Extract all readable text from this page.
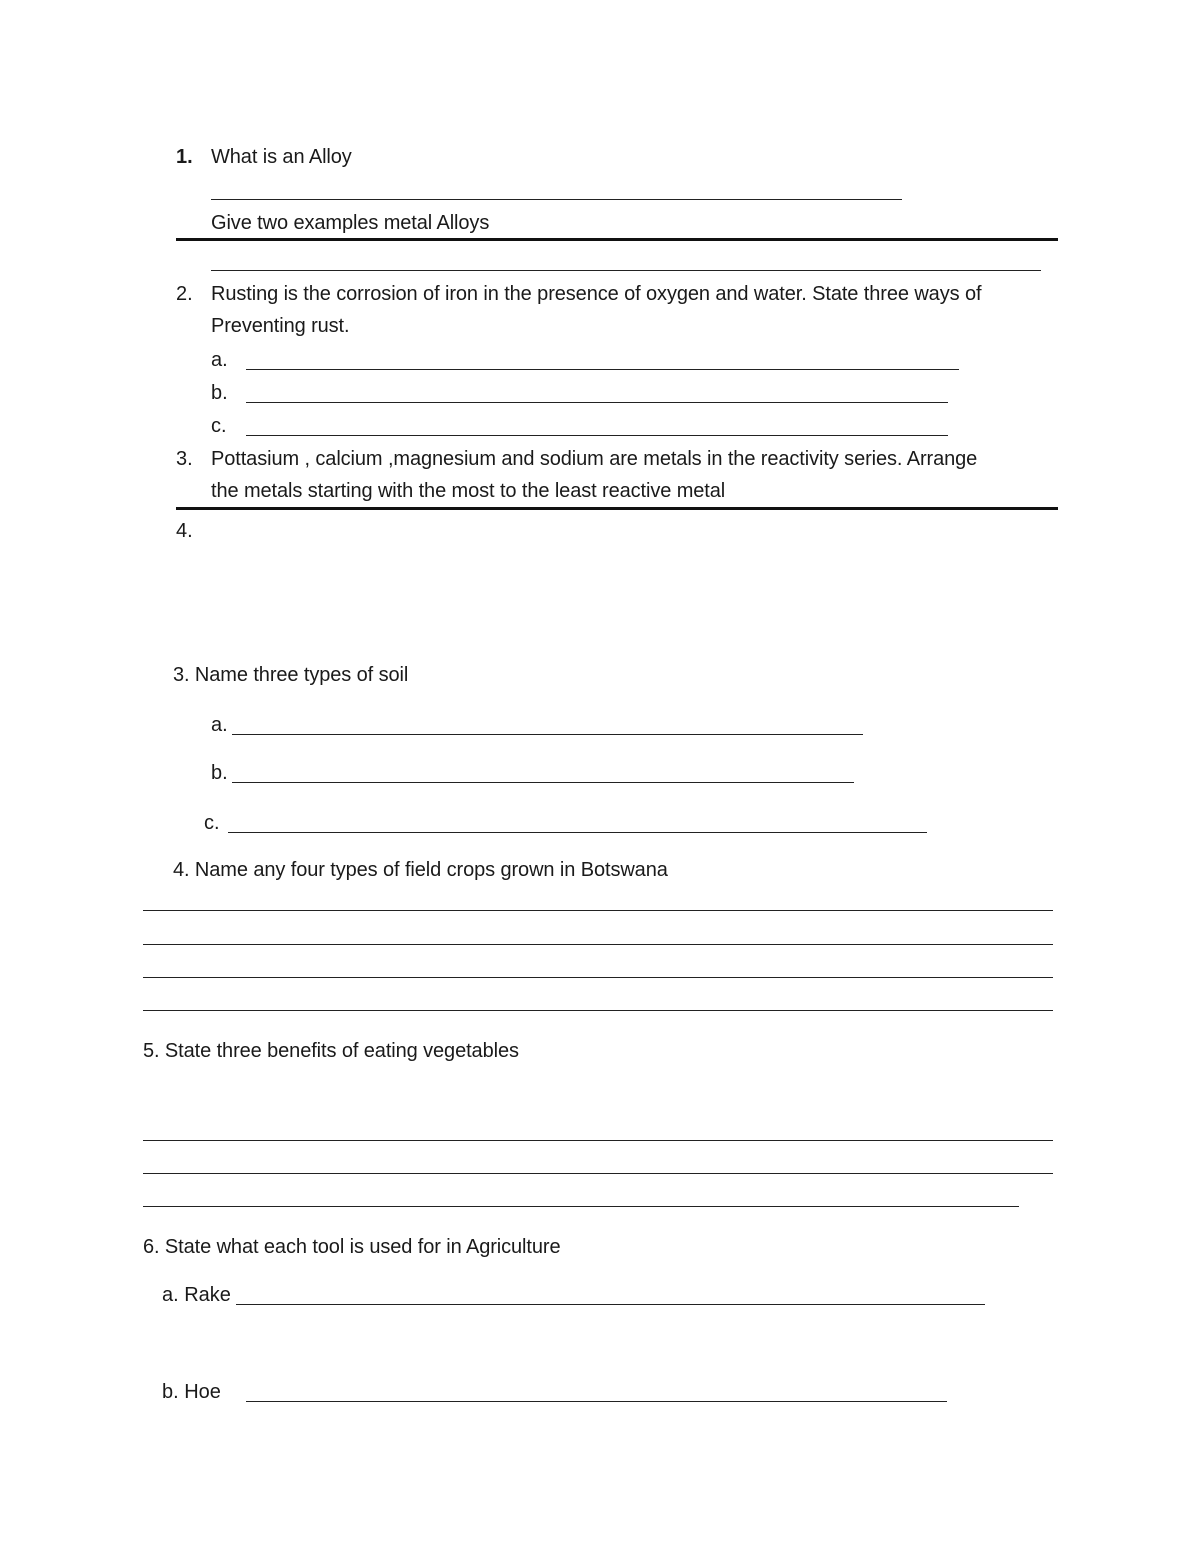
1. What is an Alloy
Give two examples metal Alloys
2. Rusting is the corrosion of iron in the presence of oxygen and water. State three ways of
Preventing rust.
a.
b.
c.
3. Pottasium , calcium ,magnesium and sodium are metals in the reactivity series. Arrange
the metals starting with the most to the least reactive metal
4.
3. Name three types of soil
a.
b.
c.
4. Name any four types of field crops grown in Botswana
5. State three benefits of eating vegetables
6. State what each tool is used for in Agriculture
a. Rake
b. Hoe
